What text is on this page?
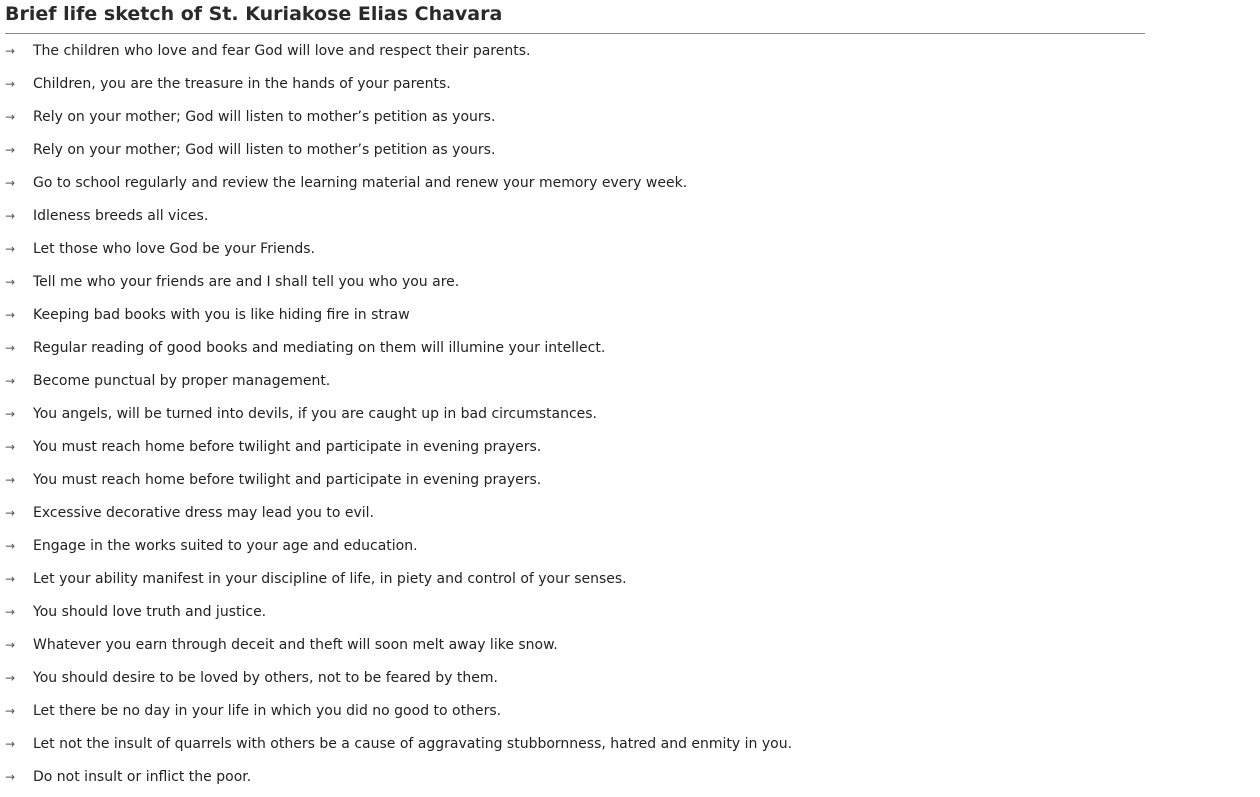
Brief life sketch of St. Kuriakose Elias Chavara
→	The children who love and fear God will love and respect their parents.
→	Children, you are the treasure in the hands of your parents.
→	Rely on your mother; God will listen to mother’s petition as yours.
→	Rely on your mother; God will listen to mother’s petition as yours.
→	Go to school regularly and review the learning material and renew your memory every week.
→	Idleness breeds all vices.
→	Let those who love God be your Friends.
→	Tell me who your friends are and I shall tell you who you are.
→	Keeping bad books with you is like hiding fire in straw
→	Regular reading of good books and mediating on them will illumine your intellect.
→	Become punctual by proper management.
→	You angels, will be turned into devils, if you are caught up in bad circumstances.
→	You must reach home before twilight and participate in evening prayers.
→	You must reach home before twilight and participate in evening prayers.
→	Excessive decorative dress may lead you to evil.
→	Engage in the works suited to your age and education.
→	Let your ability manifest in your discipline of life, in piety and control of your senses.
→	You should love truth and justice.
→	Whatever you earn through deceit and theft will soon melt away like snow.
→	You should desire to be loved by others, not to be feared by them.
→	Let there be no day in your life in which you did no good to others.
→	Let not the insult of quarrels with others be a cause of aggravating stubbornness, hatred and enmity in you.
→	Do not insult or inflict the poor.
